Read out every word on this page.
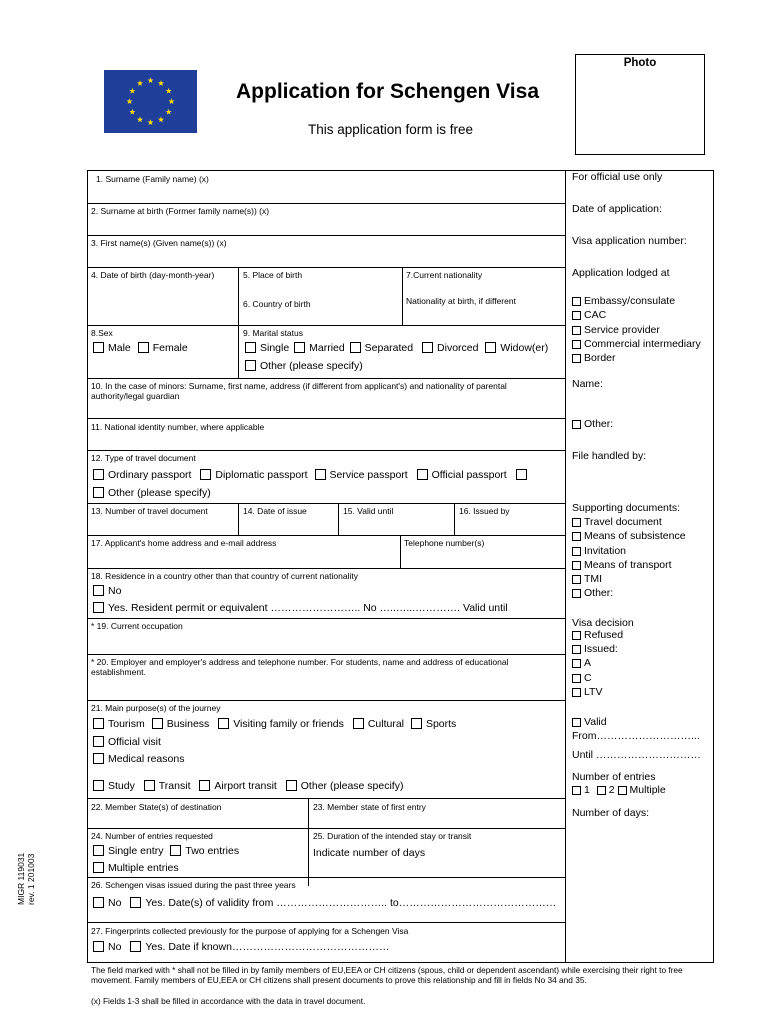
Application for Schengen Visa
This application form is free
Photo
1. Surname (Family name) (x)
2. Surname at birth (Former family name(s)) (x)
3. First name(s) (Given name(s)) (x)
4. Date of birth (day-month-year)	5. Place of birth
6. Country of birth
7.Current nationality
Nationality at birth, if different
8.Sex
Male Female
9. Marital status
Single Married Separated Divorced Widow(er)
Other (please specify)
10. In the case of minors: Surname, first name, address (if different from applicant's) and nationality of parental authority/legal guardian
11. National identity number, where applicable
12. Type of travel document
Ordinary passport Diplomatic passport Service passport Official passport
Other (please specify)
13. Number of travel document	14. Date of issue	15. Valid until	16. Issued by
17. Applicant's home address and e-mail address	Telephone number(s)
18. Residence in a country other than that country of current nationality
No
Yes. Resident permit or equivalent …………………….. No …..…...…………. Valid until
* 19. Current occupation
* 20. Employer and employer's address and telephone number. For students, name and address of educational establishment.
21. Main purpose(s) of the journey
Tourism Business Visiting family or friends Cultural Sports
Official visit
Medical reasons
Study Transit Airport transit Other (please specify)
22. Member State(s) of destination	23. Member state of first entry
24. Number of entries requested
Single entry Two entries
Multiple entries
25. Duration of the intended stay or transit
Indicate number of days
26. Schengen visas issued during the past three years
No Yes. Date(s) of validity from ………………………….. to………………………………………
27. Fingerprints collected previously for the purpose of applying for a Schengen Visa
No Yes. Date if known………………………………………
For official use only
Date of application:
Visa application number:
Application lodged at
Embassy/consulate
CAC
Service provider
Commercial intermediary
Border
Name:
Other:
File handled by:
Supporting documents:
Travel document
Means of subsistence
Invitation
Means of transport
TMI
Other:
Visa decision
Refused
Issued:
A
C
LTV
Valid
From………………………...
Until …………………………
Number of entries
1 2 Multiple
Number of days:
MIGR 119031 rev. 1 201003
The field marked with * shall not be filled in by family members of EU,EEA or CH citizens (spous, child or dependent ascendant) while exercising their right to free movement. Family members of EU,EEA or CH citizens shall present documents to prove this relationship and fill in fields No 34 and 35.
(x) Fields 1-3 shall be filled in accordance with the data in travel document.
